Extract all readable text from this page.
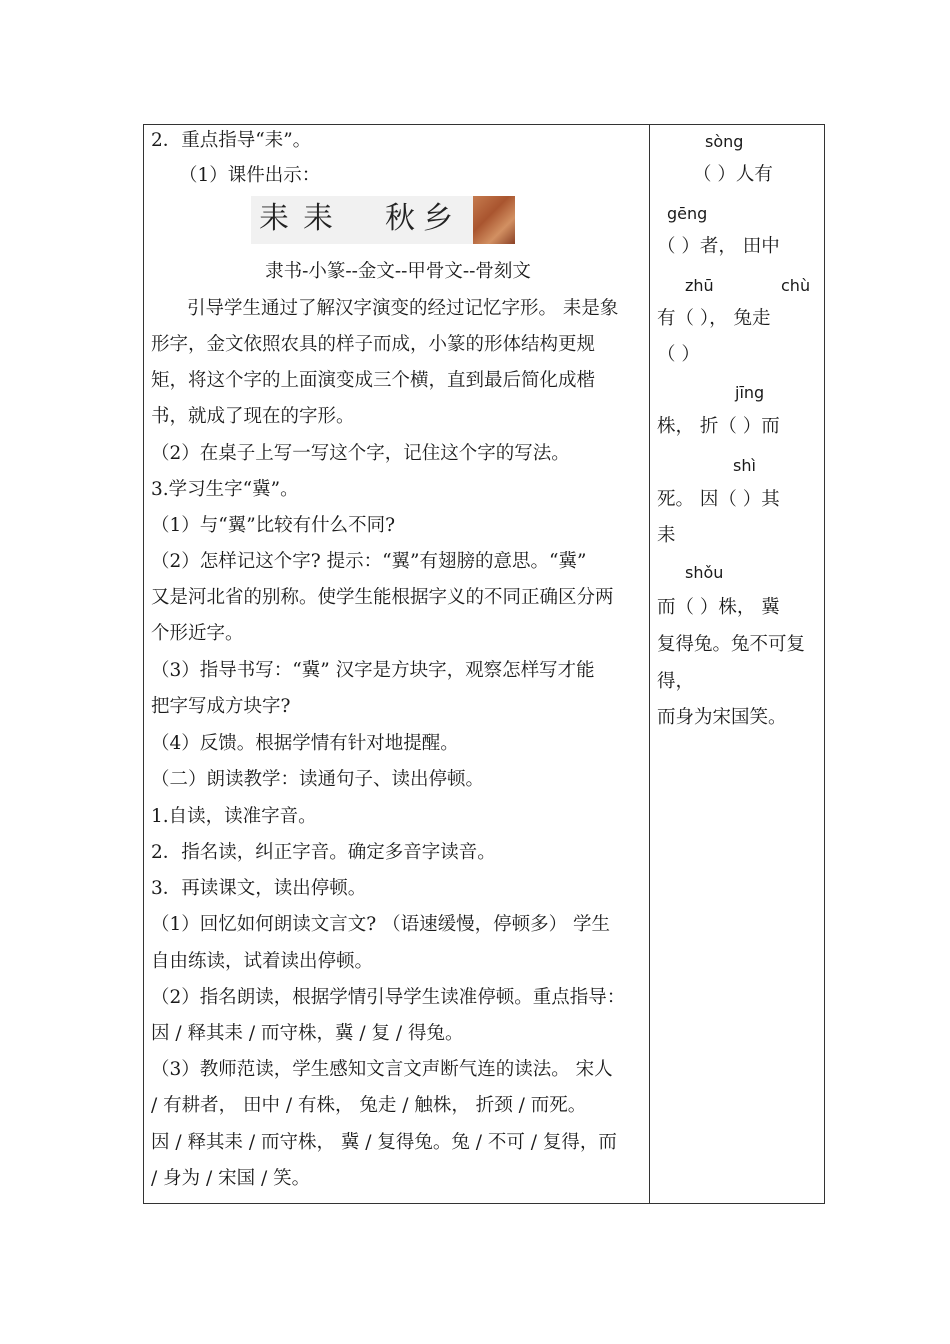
2．重点指导“耒”。
（1）课件出示：
耒 耒 秋 乡
隶书-小篆--金文--甲骨文--骨刻文
引导学生通过了解汉字演变的经过记忆字形。 耒是象
形字，金文依照农具的样子而成，小篆的形体结构更规
矩，将这个字的上面演变成三个横，直到最后简化成楷
书，就成了现在的字形。
（2）在桌子上写一写这个字，记住这个字的写法。
3.学习生字“冀”。
（1）与“翼”比较有什么不同?
（2）怎样记这个字? 提示：“翼”有翅膀的意思。“冀”
又是河北省的别称。使学生能根据字义的不同正确区分两
个形近字。
（3）指导书写：“冀” 汉字是方块字，观察怎样写才能
把字写成方块字?
（4）反馈。根据学情有针对地提醒。
（二）朗读教学：读通句子、读出停顿。
1.自读，读准字音。
2．指名读，纠正字音。确定多音字读音。
3．再读课文，读出停顿。
（1）回忆如何朗读文言文? （语速缓慢，停顿多） 学生
自由练读，试着读出停顿。
（2）指名朗读，根据学情引导学生读准停顿。重点指导：
因 / 释其耒 / 而守株，冀 / 复 / 得兔。
（3）教师范读，学生感知文言文声断气连的读法。 宋人
/ 有耕者， 田中 / 有株， 兔走 / 触株， 折颈 / 而死。
因 / 释其耒 / 而守株， 冀 / 复得兔。兔 / 不可 / 复得，而
/ 身为 / 宋国 / 笑。
sòng
（ ）人有
gēng
（ ）者， 田中
zhū	chù
有（ ）， 兔走
（ ）
jīng
株， 折（ ）而
shì
死。 因（ ）其
耒
shǒu
而（ ）株， 冀
复得兔。兔不可复
得，
而身为宋国笑。
